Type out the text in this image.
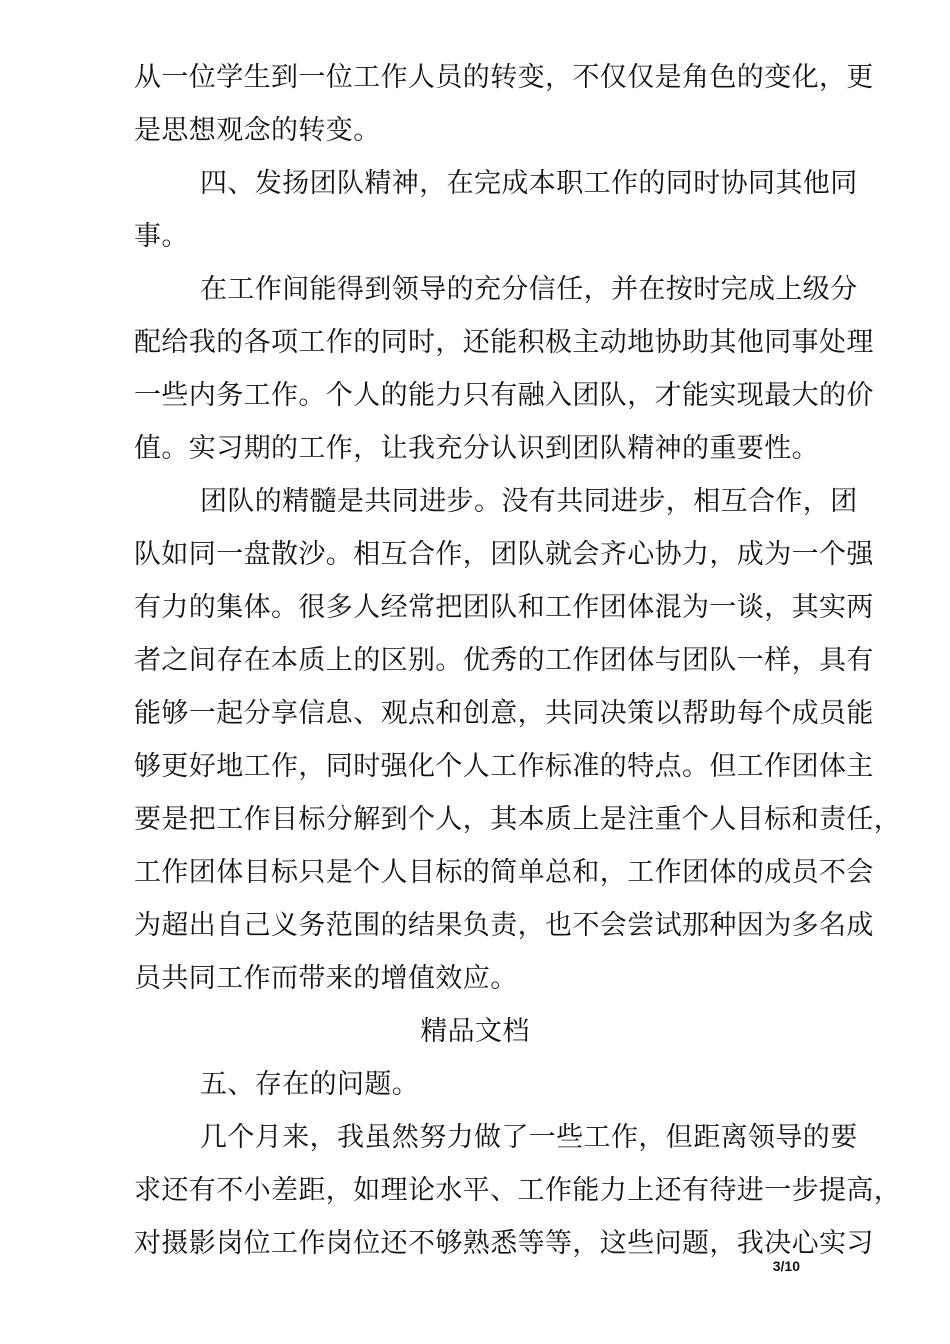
从一位学生到一位工作人员的转变，不仅仅是角色的变化，更
是思想观念的转变。
四、发扬团队精神，在完成本职工作的同时协同其他同
事。
在工作间能得到领导的充分信任，并在按时完成上级分
配给我的各项工作的同时，还能积极主动地协助其他同事处理
一些内务工作。个人的能力只有融入团队，才能实现最大的价
值。实习期的工作，让我充分认识到团队精神的重要性。
团队的精髓是共同进步。没有共同进步，相互合作，团
队如同一盘散沙。相互合作，团队就会齐心协力，成为一个强
有力的集体。很多人经常把团队和工作团体混为一谈，其实两
者之间存在本质上的区别。优秀的工作团体与团队一样，具有
能够一起分享信息、观点和创意，共同决策以帮助每个成员能
够更好地工作，同时强化个人工作标准的特点。但工作团体主
要是把工作目标分解到个人，其本质上是注重个人目标和责任，
工作团体目标只是个人目标的简单总和，工作团体的成员不会
为超出自己义务范围的结果负责，也不会尝试那种因为多名成
员共同工作而带来的增值效应。
精品文档
五、存在的问题。
几个月来，我虽然努力做了一些工作，但距离领导的要
求还有不小差距，如理论水平、工作能力上还有待进一步提高，
对摄影岗位工作岗位还不够熟悉等等，这些问题，我决心实习
3/10
